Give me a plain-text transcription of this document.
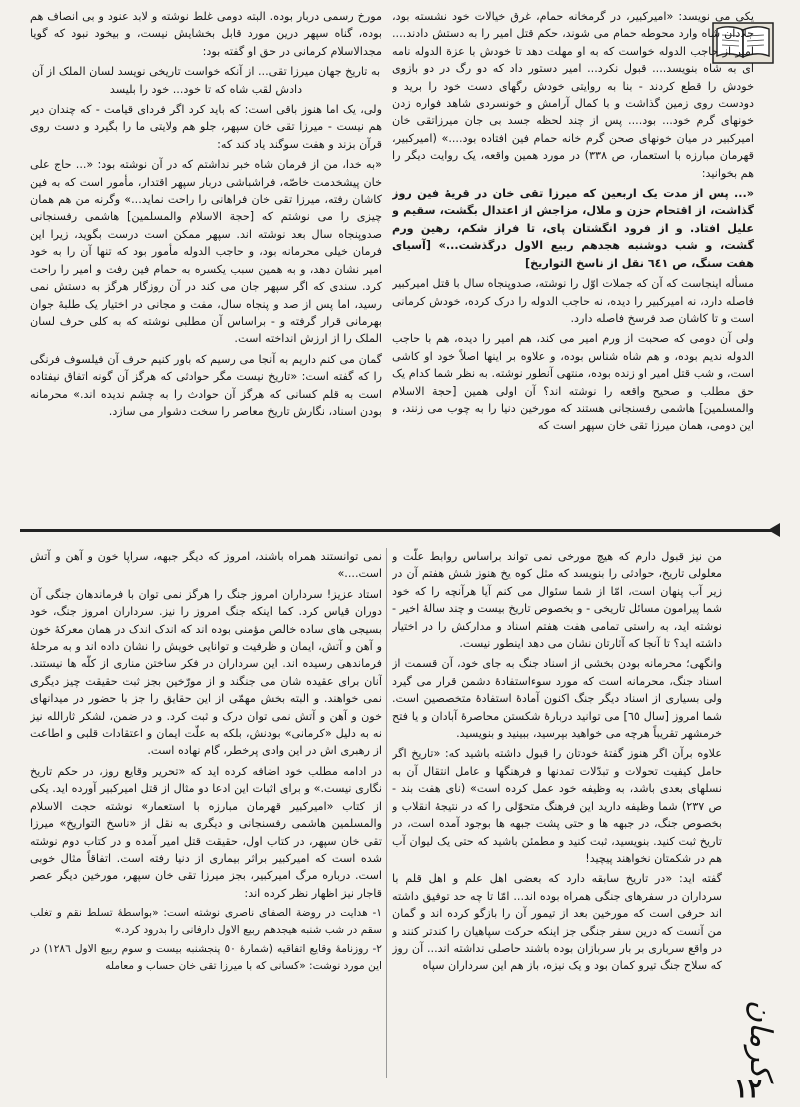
یکی می نویسد: «امیرکبیر، در گرمخانه حمام، غرق خیالات خود نشسته بود، جلادان شاه وارد محوطه حمام می شوند، حکم قتل امیر را به دستش دادند.... امیر از حاجب الدوله خواست که به او مهلت دهد تا خودش با عزة الدوله نامه ای به شاه بنویسد.... قبول نکرد... امیر دستور داد که دو رگ در دو بازوی خودش را قطع کردند - بنا به روایتی خودش رگهای دست خود را برید و دودست روی زمین گذاشت و با کمال آرامش و خونسردی شاهد فواره زدن خونهای گرم خود... بود.... پس از چند لحظه جسد بی جان میرزاتقی خان امیرکبیر در میان خونهای صحن گرم خانه حمام فین افتاده بود....» (امیرکبیر، قهرمان مبارزه با استعمار، ص ٣٣٨) در مورد همین واقعه، یک روایت دیگر را هم بخوانید:

«... پس از مدت یک اربعین که میرزا تقی خان در قریهٔ فین روز گذاشت، از اقتحام حزن و ملال، مزاجش از اعتدال بگشت، سقیم و علیل افتاد. و از فرود انگشتان پای، تا فراز شکم، رهین ورم گشت، و شب دوشنبه هجدهم ربیع الاول درگذشت...» [آسیای هفت سنگ، ص ٦٤١ نقل از ناسخ التواریخ]

مسأله اینجاست که آن که جملات اوّل را نوشته، صدوپنجاه سال با قتل امیرکبیر فاصله دارد، نه امیرکبیر را دیده، نه حاجب الدوله را درک کرده، خودش کرمانی است و تا کاشان صد فرسخ فاصله دارد.

ولی آن دومی که صحبت از ورم امیر می کند، هم امیر را دیده، هم با حاجب الدوله ندیم بوده، و هم شاه شناس بوده، و علاوه بر اینها اصلاً خود او کاشی است، و شب قتل امیر او زنده بوده، منتهی آنطور نوشته. به نظر شما کدام یک حق مطلب و صحیح واقعه را نوشته اند؟ آن اولی همین [حجة الاسلام والمسلمین] هاشمی رفسنجانی هستند که مورخین دنیا را به چوب می زنند، و این دومی، همان میرزا تقی خان سپهر است که

مورخ رسمی دربار بوده. البته دومی غلط نوشته و لابد عنود و بی انصاف هم بوده، گناه سپهر درین مورد قابل بخشایش نیست، و بیخود نبود که گویا مجدالاسلام کرمانی در حق او گفته بود:

به تاریخ جهان میرزا تقی... از آنکه خواست تاریخی نویسد لسان الملک از آن دادش لقب شاه که تا خود... خود را بلیسد

ولی، یک اما هنوز باقی است: که باید کرد اگر فردای قیامت - که چندان دیر هم نیست - میرزا تقی خان سپهر، جلو هم ولایتی ما را بگیرد و دست روی قرآن بزند و هفت سوگند یاد کند که:

«به خدا، من از فرمان شاه خبر نداشتم که در آن نوشته بود: «... حاج علی خان پیشخدمت خاصّه، فراشباشی دربار سپهر اقتدار، مأمور است که به فین کاشان رفته، میرزا تقی خان فراهانی را راحت نماید...» وگرنه من هم همان چیزی را می نوشتم که [حجة الاسلام والمسلمین] هاشمی رفسنجانی صدوپنجاه سال بعد نوشته اند. سپهر ممکن است درست بگوید، زیرا این فرمان خیلی محرمانه بود، و حاجب الدوله مأمور بود که تنها آن را به خود امیر نشان دهد، و به همین سبب یکسره به حمام فین رفت و امیر را راحت کرد. سندی که اگر سپهر جان می کند در آن روزگار هرگز به دستش نمی رسید، اما پس از صد و پنجاه سال، مفت و مجانی در اختیار یک طلبهٔ جوان بهرمانی قرار گرفته و - براساس آن مطلبی نوشته که به کلی حرف لسان الملک را از ارزش انداخته است.

گمان می کنم داریم به آنجا می رسیم که باور کنیم حرف آن فیلسوف فرنگی را که گفته است: «تاریخ نیست مگر حوادثی که هرگز آن گونه اتفاق نیفتاده است به قلم کسانی که هرگز آن حوادث را به چشم ندیده اند.» محرمانه بودن اسناد، نگارش تاریخ معاصر را سخت دشوار می سازد.

من نیز قبول دارم که هیچ مورخی نمی تواند براساس روابط علّت و معلولی تاریخ، حوادثی را بنویسد که مثل کوه یخ هنوز شش هفتم آن در زیر آب پنهان است، امّا از شما سئوال می کنم آیا هرآنچه را که خود شما پیرامون مسائل تاریخی - و بخصوص تاریخ بیست و چند سالهٔ اخیر - نوشته اید، به راستی تمامی هفت هفتم اسناد و مدارکش را در اختیار داشته اید؟ تا آنجا که آثارتان نشان می دهد اینطور نیست.

وانگهی؛ محرمانه بودن بخشی از اسناد جنگ به جای خود، آن قسمت از اسناد جنگ، محرمانه است که مورد سوءاستفادهٔ دشمن قرار می گیرد ولی بسیاری از اسناد دیگر جنگ اکنون آمادهٔ استفادهٔ متخصصین است. شما امروز [سال ٦٥] می توانید دربارهٔ شکستن محاصرهٔ آبادان و یا فتح خرمشهر تقریباً هرچه می خواهید بپرسید، ببینید و بنویسید.

علاوه برآن اگر هنوز گفتهٔ خودتان را قبول داشته باشید که: «تاریخ اگر حامل کیفیت تحولات و تبدّلات تمدنها و فرهنگها و عامل انتقال آن به نسلهای بعدی باشد، به وظیفه خود عمل کرده است» (نای هفت بند - ص ٢٣٧) شما وظیفه دارید این فرهنگ متحوّلی را که در نتیجهٔ انقلاب و بخصوص جنگ، در جبهه ها و حتی پشت جبهه ها بوجود آمده است، در تاریخ ثبت کنید. بنویسید، ثبت کنید و مطمئن باشید که حتی یک لیوان آب هم در شکمتان نخواهند پیچید!

گفته اید: «در تاریخ سابقه دارد که بعضی اهل علم و اهل قلم با سرداران در سفرهای جنگی همراه بوده اند... امّا تا چه حد توفیق داشته اند حرفی است که مورخین بعد از تیمور آن را بازگو کرده اند و گمان من آنست که درین سفر جنگی جز اینکه حرکت سپاهیان را کندتر کنند و در واقع سرباری بر بار سربازان بوده باشند حاصلی نداشته اند... آن روز که سلاح جنگ تیرو کمان بود و یک نیزه، باز هم این سرداران سپاه

نمی توانستند همراه باشند، امروز که دیگر جبهه، سراپا خون و آهن و آتش است....»

استاد عزیز! سرداران امروز جنگ را هرگز نمی توان با فرماندهان جنگی آن دوران قیاس کرد. کما اینکه جنگ امروز را نیز. سرداران امروز جنگ، خود بسیجی های ساده خالص مؤمنی بوده اند که اندک اندک در همان معرکهٔ خون و آهن و آتش، ایمان و ظرفیت و توانایی خویش را نشان داده اند و به مرحلهٔ فرماندهی رسیده اند. این سرداران در فکر ساختن مناری از کلّه ها نیستند. آنان برای عقیده شان می جنگند و از مورّخین بجز ثبت حقیقت چیز دیگری نمی خواهند. و البته بخش مهمّی از این حقایق را جز با حضور در میدانهای خون و آهن و آتش نمی توان درک و ثبت کرد. و در ضمن، لشکر ثارالله نیز نه به دلیل «کرمانی» بودنش، بلکه به علّت ایمان و اعتقادات قلبی و اطاعت از رهبری اش در این وادی پرخطر، گام نهاده است.

در ادامه مطلب خود اضافه کرده اید که «تحریر وقایع روز، در حکم تاریخ نگاری نیست.» و برای اثبات این ادعا دو مثال از قتل امیرکبیر آورده اید. یکی از کتاب «امیرکبیر قهرمان مبارزه با استعمار» نوشته حجت الاسلام والمسلمین هاشمی رفسنجانی و دیگری به نقل از «ناسخ التواریخ» میرزا تقی خان سپهر، در کتاب اول، حقیقت قتل امیر آمده و در کتاب دوم نوشته شده است که امیرکبیر براثر بیماری از دنیا رفته است. اتفاقاً مثال خوبی است. درباره مرگ امیرکبیر، بجز میرزا تقی خان سپهر، مورخین دیگر عصر قاجار نیز اظهار نظر کرده اند:

١- هدایت در روضة الصفای ناصری نوشته است: «بواسطهٔ تسلط نقم و تغلب سقم در شب شنبه هیجدهم ربیع الاول دارفانی را بدرود کرد.»

٢- روزنامهٔ وقایع اتفاقیه (شمارهٔ ٥٠ پنجشنبه بیست و سوم ربیع الاول ١٢٨٦) در این مورد نوشت: «کسانی که با میرزا تقی خان حساب و معامله

کرمان
١٢
